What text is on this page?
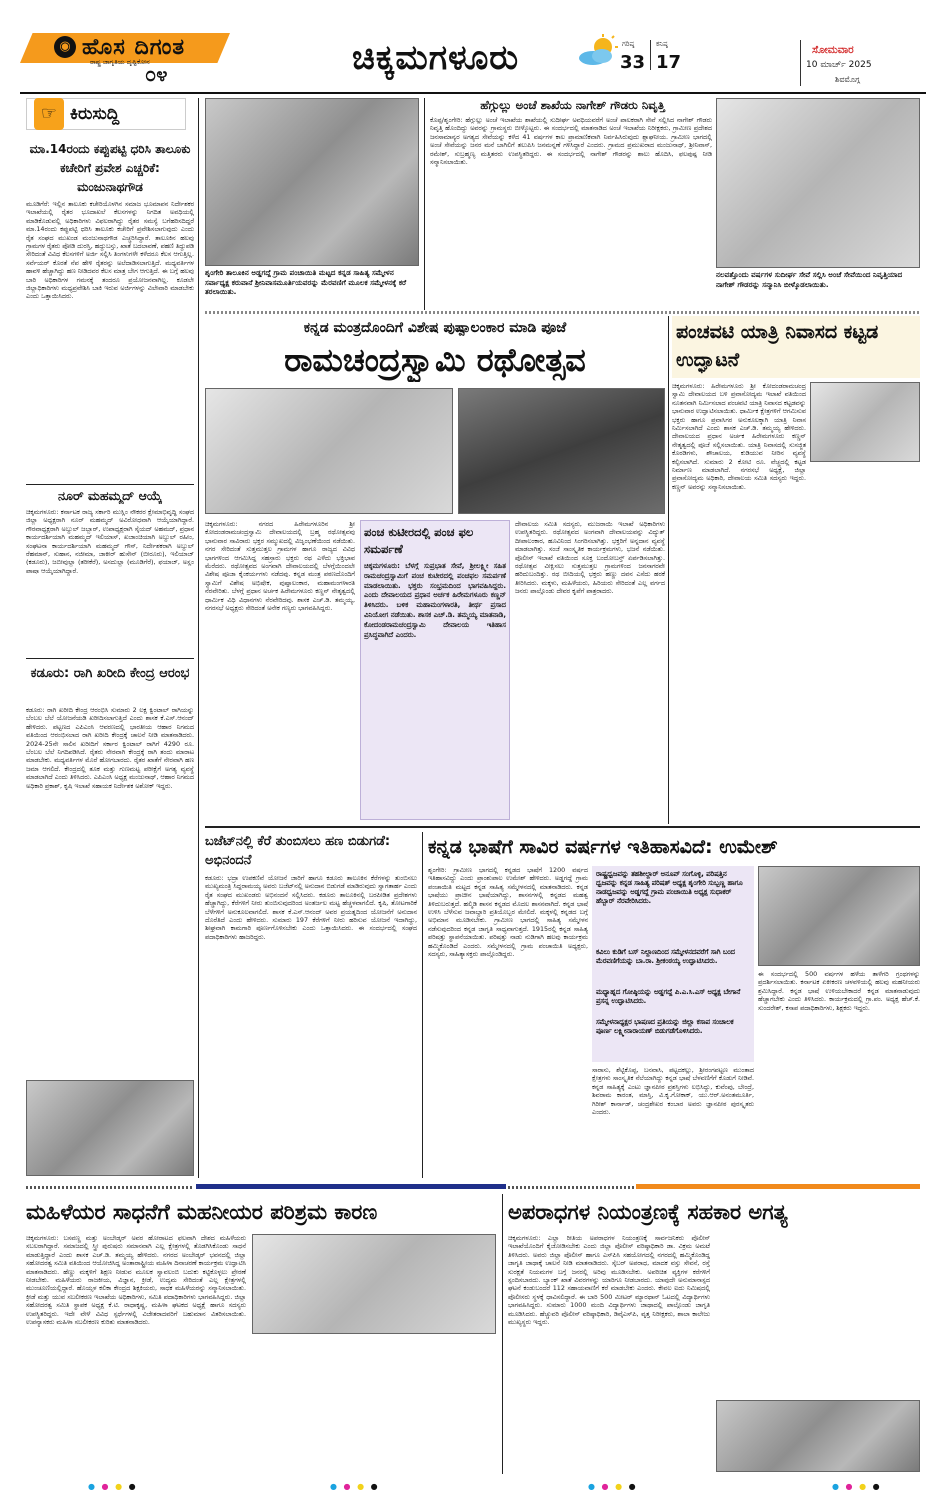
◉ ಹೊಸ ದಿಗಂತ
ರಾಷ್ಟ್ರ ಜಾಗೃತಿಯ ದೃಷ್ಟಿಕೋನ
೦೪	ಚಿಕ್ಕಮಗಳೂರು	ಗರಿಷ್ಠ
33
ಕನಿಷ್ಠ
17
ಸೋಮವಾರ
10 ಮಾರ್ಚ್ 2025
ಶಿವಮೊಗ್ಗ
☞ ಕಿರುಸುದ್ದಿ
ಮಾ.14ರಂದು ಕಪ್ಪುಪಟ್ಟಿ ಧರಿಸಿ ತಾಲೂಕು ಕಚೇರಿಗೆ ಪ್ರವೇಶ ಎಚ್ಚರಿಕೆ: ಮಂಜುನಾಥಗೌಡ
ಮೂಡಿಗೆರೆ: ಇಲ್ಲಿನ ತಾಲೂಕು ಕಚೇರಿಯೊಳಗಿನ ಸಮಾಜ ಭೂಮಾಪನ ನಿರ್ದೇಶಕರ ಇಲಾಖೆಯಲ್ಲಿ ರೈತರ ಭೂದಾಖಲೆ ಕೆಲಸಗಳನ್ನು ನಿಗದಿತ ಅವಧಿಯಲ್ಲಿ ಮಾಡಿಕೊಡುವಲ್ಲಿ ಅಧಿಕಾರಿಗಳು ವಿಫಲರಾಗಿದ್ದು ರೈತರ ಸಮಸ್ಯೆ ಬಗೆಹರಿಸದಿದ್ದರೆ ಮಾ.14ರಂದು ಕಪ್ಪುಪಟ್ಟಿ ಧರಿಸಿ ತಾಲೂಕು ಕಚೇರಿಗೆ ಪ್ರವೇಶಿಸಲಾಗುವುದು ಎಂದು ರೈತ ಸಂಘದ ಮುಖಂಡ ಮಂಜುನಾಥಗೌಡ ಎಚ್ಚರಿಸಿದ್ದಾರೆ. ತಾಲೂಕಿನ ಹಲವು ಗ್ರಾಮಗಳ ರೈತರು ಪೋಡಿ ದುರಸ್ತಿ, ಹದ್ದುಬಸ್ತು, ಖಾತೆ ಬದಲಾವಣೆ, ಪಹಣಿ ತಿದ್ದುಪಡಿ ಸೇರಿದಂತೆ ವಿವಿಧ ಕೆಲಸಗಳಿಗೆ ಅರ್ಜಿ ಸಲ್ಲಿಸಿ ತಿಂಗಳುಗಳೇ ಕಳೆದರೂ ಕೆಲಸ ಆಗುತ್ತಿಲ್ಲ. ಸರ್ವೆಯರ್ ಕೊರತೆ ನೆಪ ಹೇಳಿ ರೈತರನ್ನು ಅಲೆದಾಡಿಸಲಾಗುತ್ತಿದೆ. ಮಧ್ಯವರ್ತಿಗಳ ಹಾವಳಿ ಹೆಚ್ಚಾಗಿದ್ದು ಹಣ ನೀಡಿದವರ ಕೆಲಸ ಮಾತ್ರ ಬೇಗ ಆಗುತ್ತಿದೆ. ಈ ಬಗ್ಗೆ ಹಲವು ಬಾರಿ ಅಧಿಕಾರಿಗಳ ಗಮನಕ್ಕೆ ತಂದರೂ ಪ್ರಯೋಜನವಾಗಿಲ್ಲ. ಕೂಡಲೇ ಜಿಲ್ಲಾಧಿಕಾರಿಗಳು ಮಧ್ಯಪ್ರವೇಶಿಸಿ ಬಾಕಿ ಇರುವ ಅರ್ಜಿಗಳನ್ನು ವಿಲೇವಾರಿ ಮಾಡಬೇಕು ಎಂದು ಒತ್ತಾಯಿಸಿದರು.
ನೂರ್ ಮಹಮ್ಮದ್ ಆಯ್ಕೆ
ಚಿಕ್ಕಮಗಳೂರು: ಕರ್ನಾಟಕ ರಾಜ್ಯ ಸರ್ಕಾರಿ ಮುಸ್ಲಿಂ ನೌಕರರ ಕ್ಷೇಮಾಭಿವೃದ್ಧಿ ಸಂಘದ ಜಿಲ್ಲಾ ಅಧ್ಯಕ್ಷರಾಗಿ ನೂರ್ ಮಹಮ್ಮದ್ ಅವಿರೋಧವಾಗಿ ಆಯ್ಕೆಯಾಗಿದ್ದಾರೆ. ಗೌರವಾಧ್ಯಕ್ಷರಾಗಿ ಅಬ್ದುಲ್ ಜಬ್ಬಾರ್, ಉಪಾಧ್ಯಕ್ಷರಾಗಿ ಸೈಯದ್ ಅಹಮದ್, ಪ್ರಧಾನ ಕಾರ್ಯದರ್ಶಿಯಾಗಿ ಮಹಮ್ಮದ್ ಇಲಿಯಾಸ್, ಖಜಾಂಚಿಯಾಗಿ ಅಬ್ದುಲ್ ರಹೀಂ, ಸಂಘಟನಾ ಕಾರ್ಯದರ್ಶಿಯಾಗಿ ಮಹಮ್ಮದ್ ಗೌಸ್, ನಿರ್ದೇಶಕರಾಗಿ ಅಬ್ದುಲ್ ರೆಹಮಾನ್, ಸುಹಾನ, ನಜೀಮಾ, ಜಾಕೀರ್ ಹುಸೇನ್ (ಬೀರೂರು), ಇಲಿಯಾಜ್ (ಕಡೂರು), ಜಬೀವುಲ್ಲಾ (ತರೀಕೆರೆ), ಅಸದುಲ್ಲಾ (ಮೂಡಿಗೆರೆ), ಫಯಾಜ್, ಅಸ್ಲಂ ಪಾಷಾ ಆಯ್ಕೆಯಾಗಿದ್ದಾರೆ.
ಕಡೂರು: ರಾಗಿ ಖರೀದಿ ಕೇಂದ್ರ ಆರಂಭ
ಕಡೂರು: ರಾಗಿ ಖರೀದಿ ಕೇಂದ್ರ ಆರಂಭಿಸಿ ಸುಮಾರು 2 ಲಕ್ಷ ಕ್ವಿಂಟಾಲ್ ರಾಗಿಯನ್ನು ಬೆಂಬಲ ಬೆಲೆ ಯೋಜನೆಯಡಿ ಖರೀದಿಸಲಾಗುತ್ತಿದೆ ಎಂದು ಶಾಸಕ ಕೆ.ಎಸ್.ಆನಂದ್ ಹೇಳಿದರು. ಪಟ್ಟಣದ ಎಪಿಎಂಸಿ ಆವರಣದಲ್ಲಿ ಭಾರತೀಯ ಆಹಾರ ನಿಗಮದ ವತಿಯಿಂದ ಆರಂಭಿಸಲಾದ ರಾಗಿ ಖರೀದಿ ಕೇಂದ್ರಕ್ಕೆ ಚಾಲನೆ ನೀಡಿ ಮಾತನಾಡಿದರು. 2024-25ನೇ ಸಾಲಿನ ಖರೀದಿಗೆ ಸರ್ಕಾರ ಕ್ವಿಂಟಾಲ್ ರಾಗಿಗೆ 4290 ರೂ. ಬೆಂಬಲ ಬೆಲೆ ನಿಗದಿಪಡಿಸಿದೆ. ರೈತರು ನೇರವಾಗಿ ಕೇಂದ್ರಕ್ಕೆ ರಾಗಿ ತಂದು ಮಾರಾಟ ಮಾಡಬೇಕು. ಮಧ್ಯವರ್ತಿಗಳ ಮೊರೆ ಹೋಗಬಾರದು. ರೈತರ ಖಾತೆಗೆ ನೇರವಾಗಿ ಹಣ ಜಮಾ ಆಗಲಿದೆ. ಕೇಂದ್ರದಲ್ಲಿ ತೂಕ ಮತ್ತು ಗುಣಮಟ್ಟ ಪರೀಕ್ಷೆಗೆ ಅಗತ್ಯ ವ್ಯವಸ್ಥೆ ಮಾಡಲಾಗಿದೆ ಎಂದು ತಿಳಿಸಿದರು. ಎಪಿಎಂಸಿ ಅಧ್ಯಕ್ಷ ಮಂಜುನಾಥ್, ಆಹಾರ ನಿಗಮದ ಅಧಿಕಾರಿ ಪ್ರಕಾಶ್, ಕೃಷಿ ಇಲಾಖೆ ಸಹಾಯಕ ನಿರ್ದೇಶಕ ಅಶೋಕ್ ಇದ್ದರು.
ಶೃಂಗೇರಿ ತಾಲೂಕಿನ ಅಡ್ಡಗದ್ದೆ ಗ್ರಾಮ ಪಂಚಾಯಿತಿ ಮಟ್ಟದ ಕನ್ನಡ ಸಾಹಿತ್ಯ ಸಮ್ಮೇಳನ ಸರ್ವಾಧ್ಯಕ್ಷ ಕರುವಾನೆ ಶ್ರೀನಿವಾಸಮೂರ್ತಿಯವರನ್ನು ಮೆರವಣಿಗೆ ಮೂಲಕ ಸಮ್ಮೇಳನಕ್ಕೆ ಕರೆ ತರಲಾಯಿತು.
ಹೆಗ್ಗುಲ್ಲು ಅಂಚೆ ಶಾಖೆಯ ನಾಗೇಶ್ ಗೌಡರು ನಿವೃತ್ತಿ
ಕೊಪ್ಪ/ಶೃಂಗೇರಿ: ಹೆಗ್ಗುಲ್ಲು ಅಂಚೆ ಇಲಾಖೆಯ ಶಾಖೆಯಲ್ಲಿ ಸುದೀರ್ಘ ಅವಧಿಯವರೆಗೆ ಅಂಚೆ ಪಾಲಕರಾಗಿ ಸೇವೆ ಸಲ್ಲಿಸಿದ ನಾಗೇಶ್ ಗೌಡರು ನಿವೃತ್ತಿ ಹೊಂದಿದ್ದು ಅವರನ್ನು ಗ್ರಾಮಸ್ಥರು ಬೀಳ್ಕೊಟ್ಟರು. ಈ ಸಂದರ್ಭದಲ್ಲಿ ಮಾತನಾಡಿದ ಅಂಚೆ ಇಲಾಖೆಯ ನಿರೀಕ್ಷಕರು, ಗ್ರಾಮೀಣ ಪ್ರದೇಶದ ಜನಸಾಮಾನ್ಯರ ಅಗತ್ಯದ ಸೇವೆಯನ್ನು ಕಳೆದ 41 ವರ್ಷಗಳ ಕಾಲ ಪ್ರಾಮಾಣಿಕವಾಗಿ ನಿರ್ವಹಿಸಿರುವುದು ಶ್ಲಾಘನೀಯ. ಗ್ರಾಮೀಣ ಭಾಗದಲ್ಲಿ ಅಂಚೆ ಸೇವೆಯನ್ನು ಜನರ ಮನೆ ಬಾಗಿಲಿಗೆ ತಲುಪಿಸಿ ಜನಮನ್ನಣೆ ಗಳಿಸಿದ್ದಾರೆ ಎಂದರು. ಗ್ರಾಮದ ಪ್ರಮುಖರಾದ ಮಂಜುನಾಥ್, ಶ್ರೀನಿವಾಸ್, ರಮೇಶ್, ಸುಬ್ರಹ್ಮಣ್ಯ ಮತ್ತಿತರರು ಉಪಸ್ಥಿತರಿದ್ದರು. ಈ ಸಂದರ್ಭದಲ್ಲಿ ನಾಗೇಶ್ ಗೌಡರನ್ನು ಶಾಲು ಹೊದಿಸಿ, ಫಲಪುಷ್ಪ ನೀಡಿ ಸನ್ಮಾನಿಸಲಾಯಿತು.
ನಲವತ್ತೊಂದು ವರ್ಷಗಳ ಸುದೀರ್ಘ ಸೇವೆ ಸಲ್ಲಿಸಿ ಅಂಚೆ ಸೇವೆಯಿಂದ ನಿವೃತ್ತಿಯಾದ ನಾಗೇಶ್ ಗೌಡರನ್ನು ಸನ್ಮಾನಿಸಿ ಬೀಳ್ಕೊಡಲಾಯಿತು.
ಕನ್ನಡ ಮಂತ್ರದೊಂದಿಗೆ ವಿಶೇಷ ಪುಷ್ಪಾಲಂಕಾರ ಮಾಡಿ ಪೂಜೆ
ರಾಮಚಂದ್ರಸ್ವಾಮಿ ರಥೋತ್ಸವ
ಚಿಕ್ಕಮಗಳೂರು: ನಗರದ ಹಿರೇಮಗಳೂರಿನ ಶ್ರೀ ಕೋದಂಡರಾಮಚಂದ್ರಸ್ವಾಮಿ ದೇವಾಲಯದಲ್ಲಿ ಬ್ರಹ್ಮ ರಥೋತ್ಸವವು ಭಾನುವಾರ ಸಾವಿರಾರು ಭಕ್ತರ ಸಮ್ಮುಖದಲ್ಲಿ ವಿಜೃಂಭಣೆಯಿಂದ ನಡೆಯಿತು. ನಗರ ಸೇರಿದಂತೆ ಸುತ್ತಮುತ್ತಲ ಗ್ರಾಮಗಳ ಹಾಗೂ ರಾಜ್ಯದ ವಿವಿಧ ಭಾಗಗಳಿಂದ ಆಗಮಿಸಿದ್ದ ಸಹಸ್ರಾರು ಭಕ್ತರು ರಥ ಎಳೆದು ಭಕ್ತಿಭಾವ ಮೆರೆದರು. ರಥೋತ್ಸವದ ಅಂಗವಾಗಿ ದೇವಾಲಯದಲ್ಲಿ ಬೆಳಗ್ಗೆಯಿಂದಲೇ ವಿಶೇಷ ಪೂಜಾ ಕೈಂಕರ್ಯಗಳು ನಡೆದವು. ಕನ್ನಡ ಮಂತ್ರ ಪಠಣದೊಂದಿಗೆ ಸ್ವಾಮಿಗೆ ವಿಶೇಷ ಅಭಿಷೇಕ, ಪುಷ್ಪಾಲಂಕಾರ, ಮಹಾಮಂಗಳಾರತಿ ನೆರವೇರಿತು. ಬೆಳಗ್ಗೆ ಪ್ರಧಾನ ಅರ್ಚಕ ಹಿರೇಮಗಳೂರು ಕಣ್ಣನ್ ನೇತೃತ್ವದಲ್ಲಿ ಧಾರ್ಮಿಕ ವಿಧಿ ವಿಧಾನಗಳು ನೆರವೇರಿದವು. ಶಾಸಕ ಎಚ್.ಡಿ. ತಮ್ಮಯ್ಯ, ನಗರಸಭೆ ಅಧ್ಯಕ್ಷರು ಸೇರಿದಂತೆ ಅನೇಕ ಗಣ್ಯರು ಭಾಗವಹಿಸಿದ್ದರು.
ಪಂಚ ಕುಟೀರದಲ್ಲಿ ಪಂಚ ಫಲ ಸಮರ್ಪಣೆ
ಚಿಕ್ಕಮಗಳೂರು: ಬೆಳಗ್ಗೆ ಸುಪ್ರಭಾತ ಸೇವೆ, ಶ್ರೀಲಕ್ಷ್ಮೀ ಸಹಿತ ರಾಮಚಂದ್ರಸ್ವಾಮಿಗೆ ಪಂಚ ಕುಟೀರದಲ್ಲಿ ಪಂಚಫಲ ಸಮರ್ಪಣೆ ಮಾಡಲಾಯಿತು. ಭಕ್ತರು ಸಂಭ್ರಮದಿಂದ ಭಾಗವಹಿಸಿದ್ದರು. ಎಂದು ದೇವಾಲಯದ ಪ್ರಧಾನ ಅರ್ಚಕ ಹಿರೇಮಗಳೂರು ಕಣ್ಣನ್ ತಿಳಿಸಿದರು. ಬಳಿಕ ಮಹಾಮಂಗಳಾರತಿ, ತೀರ್ಥ ಪ್ರಸಾದ ವಿನಿಯೋಗ ನಡೆಯಿತು. ಶಾಸಕ ಎಚ್.ಡಿ. ತಮ್ಮಯ್ಯ ಮಾತನಾಡಿ, ಕೋದಂಡರಾಮಚಂದ್ರಸ್ವಾಮಿ ದೇವಾಲಯ ಇತಿಹಾಸ ಪ್ರಸಿದ್ಧವಾಗಿದೆ ಎಂದರು.
ದೇವಾಲಯ ಸಮಿತಿ ಸದಸ್ಯರು, ಮುಜರಾಯಿ ಇಲಾಖೆ ಅಧಿಕಾರಿಗಳು ಉಪಸ್ಥಿತರಿದ್ದರು. ರಥೋತ್ಸವದ ಅಂಗವಾಗಿ ದೇವಾಲಯವನ್ನು ವಿದ್ಯುತ್ ದೀಪಾಲಂಕಾರ, ಹೂವಿನಿಂದ ಸಿಂಗರಿಸಲಾಗಿತ್ತು. ಭಕ್ತರಿಗೆ ಅನ್ನದಾನ ವ್ಯವಸ್ಥೆ ಮಾಡಲಾಗಿತ್ತು. ಸಂಜೆ ಸಾಂಸ್ಕೃತಿಕ ಕಾರ್ಯಕ್ರಮಗಳು, ಭಜನೆ ನಡೆಯಿತು. ಪೊಲೀಸ್ ಇಲಾಖೆ ವತಿಯಿಂದ ಸೂಕ್ತ ಬಂದೋಬಸ್ತ್ ಏರ್ಪಡಿಸಲಾಗಿತ್ತು. ರಥೋತ್ಸವ ವೀಕ್ಷಿಸಲು ಸುತ್ತಮುತ್ತಲ ಗ್ರಾಮಗಳಿಂದ ಜನಸಾಗರವೇ ಹರಿದುಬಂದಿತ್ತು. ರಥ ಬೀದಿಯಲ್ಲಿ ಭಕ್ತರು ಹಣ್ಣು ದವನ ಎಸೆದು ಹರಕೆ ತೀರಿಸಿದರು. ಮಕ್ಕಳು, ಮಹಿಳೆಯರು, ಹಿರಿಯರು ಸೇರಿದಂತೆ ಎಲ್ಲ ವರ್ಗದ ಜನರು ಪಾಲ್ಗೊಂಡು ದೇವರ ಕೃಪೆಗೆ ಪಾತ್ರರಾದರು.
ಪಂಚವಟಿ ಯಾತ್ರಿ ನಿವಾಸದ ಕಟ್ಟಡ ಉದ್ಘಾಟನೆ
ಚಿಕ್ಕಮಗಳೂರು: ಹಿರೇಮಗಳೂರು ಶ್ರೀ ಕೋದಂಡರಾಮಚಂದ್ರ ಸ್ವಾಮಿ ದೇವಾಲಯದ ಬಳಿ ಪ್ರವಾಸೋದ್ಯಮ ಇಲಾಖೆ ವತಿಯಿಂದ ನೂತನವಾಗಿ ನಿರ್ಮಿಸಲಾದ ಪಂಚವಟಿ ಯಾತ್ರಿ ನಿವಾಸದ ಕಟ್ಟಡವನ್ನು ಭಾನುವಾರ ಉದ್ಘಾಟಿಸಲಾಯಿತು. ಧಾರ್ಮಿಕ ಕ್ಷೇತ್ರಗಳಿಗೆ ಆಗಮಿಸುವ ಭಕ್ತರು ಹಾಗೂ ಪ್ರವಾಸಿಗರ ಅನುಕೂಲಕ್ಕಾಗಿ ಯಾತ್ರಿ ನಿವಾಸ ನಿರ್ಮಿಸಲಾಗಿದೆ ಎಂದು ಶಾಸಕ ಎಚ್.ಡಿ. ತಮ್ಮಯ್ಯ ಹೇಳಿದರು. ದೇವಾಲಯದ ಪ್ರಧಾನ ಅರ್ಚಕ ಹಿರೇಮಗಳೂರು ಕಣ್ಣನ್ ನೇತೃತ್ವದಲ್ಲಿ ಪೂಜೆ ಸಲ್ಲಿಸಲಾಯಿತು. ಯಾತ್ರಿ ನಿವಾಸದಲ್ಲಿ ಸುಸಜ್ಜಿತ ಕೊಠಡಿಗಳು, ಶೌಚಾಲಯ, ಕುಡಿಯುವ ನೀರಿನ ವ್ಯವಸ್ಥೆ ಕಲ್ಪಿಸಲಾಗಿದೆ. ಸುಮಾರು 2 ಕೋಟಿ ರೂ. ವೆಚ್ಚದಲ್ಲಿ ಕಟ್ಟಡ ನಿರ್ಮಾಣ ಮಾಡಲಾಗಿದೆ. ನಗರಸಭೆ ಅಧ್ಯಕ್ಷೆ, ಜಿಲ್ಲಾ ಪ್ರವಾಸೋದ್ಯಮ ಅಧಿಕಾರಿ, ದೇವಾಲಯ ಸಮಿತಿ ಸದಸ್ಯರು ಇದ್ದರು. ಕಣ್ಣನ್ ಅವರನ್ನು ಸನ್ಮಾನಿಸಲಾಯಿತು.
ಬಜೆಟ್‌ನಲ್ಲಿ ಕೆರೆ ತುಂಬಿಸಲು ಹಣ ಬಿಡುಗಡೆ: ಅಭಿನಂದನೆ
ಕಡೂರು: ಭದ್ರಾ ಉಪಕಣಿವೆ ಯೋಜನೆ ಜಾರಿಗೆ ಹಾಗೂ ಕಡೂರು ತಾಲೂಕಿನ ಕೆರೆಗಳನ್ನು ತುಂಬಿಸಲು ಮುಖ್ಯಮಂತ್ರಿ ಸಿದ್ದರಾಮಯ್ಯ ಅವರು ಬಜೆಟ್‌ನಲ್ಲಿ ಅನುದಾನ ಬಿಡುಗಡೆ ಮಾಡಿರುವುದು ಸ್ವಾಗತಾರ್ಹ ಎಂದು ರೈತ ಸಂಘದ ಮುಖಂಡರು ಅಭಿನಂದನೆ ಸಲ್ಲಿಸಿದರು. ಕಡೂರು ತಾಲೂಕಿನಲ್ಲಿ ಬರಪೀಡಿತ ಪ್ರದೇಶಗಳು ಹೆಚ್ಚಾಗಿದ್ದು, ಕೆರೆಗಳಿಗೆ ನೀರು ತುಂಬಿಸುವುದರಿಂದ ಅಂತರ್ಜಲ ಮಟ್ಟ ಹೆಚ್ಚಳವಾಗಲಿದೆ. ಕೃಷಿ, ತೋಟಗಾರಿಕೆ ಬೆಳೆಗಳಿಗೆ ಅನುಕೂಲವಾಗಲಿದೆ. ಶಾಸಕ ಕೆ.ಎಸ್.ಆನಂದ್ ಅವರ ಪ್ರಯತ್ನದಿಂದ ಯೋಜನೆಗೆ ಅನುದಾನ ದೊರೆತಿದೆ ಎಂದು ಹೇಳಿದರು. ಸುಮಾರು 197 ಕೆರೆಗಳಿಗೆ ನೀರು ಹರಿಸುವ ಯೋಜನೆ ಇದಾಗಿದ್ದು, ಶೀಘ್ರವಾಗಿ ಕಾಮಗಾರಿ ಪೂರ್ಣಗೊಳಿಸಬೇಕು ಎಂದು ಒತ್ತಾಯಿಸಿದರು. ಈ ಸಂದರ್ಭದಲ್ಲಿ ಸಂಘದ ಪದಾಧಿಕಾರಿಗಳು ಹಾಜರಿದ್ದರು.
ಕನ್ನಡ ಭಾಷೆಗೆ ಸಾವಿರ ವರ್ಷಗಳ ಇತಿಹಾಸವಿದೆ: ಉಮೇಶ್
ಶೃಂಗೇರಿ: ಗ್ರಾಮೀಣ ಭಾಗದಲ್ಲಿ ಕನ್ನಡದ ಭಾಷೆಗೆ 1200 ವರ್ಷದ ಇತಿಹಾಸವಿದ್ದು ಎಂದು ಪ್ರಾಂಶುಪಾಲ ಉಮೇಶ್ ಹೇಳಿದರು. ಅಡ್ಡಗದ್ದೆ ಗ್ರಾಮ ಪಂಚಾಯಿತಿ ಮಟ್ಟದ ಕನ್ನಡ ಸಾಹಿತ್ಯ ಸಮ್ಮೇಳನದಲ್ಲಿ ಮಾತನಾಡಿದರು. ಕನ್ನಡ ಭಾಷೆಯು ಪ್ರಾಚೀನ ಭಾಷೆಯಾಗಿದ್ದು, ಶಾಸನಗಳಲ್ಲಿ ಕನ್ನಡದ ಮಹತ್ವ ತಿಳಿದುಬರುತ್ತದೆ. ಹಲ್ಮಿಡಿ ಶಾಸನ ಕನ್ನಡದ ಮೊದಲ ಶಾಸನವಾಗಿದೆ. ಕನ್ನಡ ಭಾಷೆ ಉಳಿಸಿ ಬೆಳೆಸುವ ಜವಾಬ್ದಾರಿ ಪ್ರತಿಯೊಬ್ಬರ ಮೇಲಿದೆ. ಮಕ್ಕಳಲ್ಲಿ ಕನ್ನಡದ ಬಗ್ಗೆ ಅಭಿಮಾನ ಮೂಡಿಸಬೇಕು. ಗ್ರಾಮೀಣ ಭಾಗದಲ್ಲಿ ಸಾಹಿತ್ಯ ಸಮ್ಮೇಳನ ನಡೆಸುವುದರಿಂದ ಕನ್ನಡ ಜಾಗೃತಿ ಸಾಧ್ಯವಾಗುತ್ತದೆ. 1915ರಲ್ಲಿ ಕನ್ನಡ ಸಾಹಿತ್ಯ ಪರಿಷತ್ತು ಸ್ಥಾಪನೆಯಾಯಿತು. ಪರಿಷತ್ತು ನಾಡು ನುಡಿಗಾಗಿ ಹಲವು ಕಾರ್ಯಕ್ರಮ ಹಮ್ಮಿಕೊಂಡಿದೆ ಎಂದರು. ಸಮ್ಮೇಳನದಲ್ಲಿ ಗ್ರಾಮ ಪಂಚಾಯಿತಿ ಅಧ್ಯಕ್ಷರು, ಸದಸ್ಯರು, ಸಾಹಿತ್ಯಾಸಕ್ತರು ಪಾಲ್ಗೊಂಡಿದ್ದರು.
ರಾಷ್ಟ್ರಧ್ವಜವನ್ನು ತಹಶೀಲ್ದಾರ್ ಅನೂಪ್ ಸಂಗೊಳ್ಳಿ, ಪರಿಷತ್ತಿನ ಧ್ವಜವನ್ನು ಕನ್ನಡ ಸಾಹಿತ್ಯ ಪರಿಷತ್ ಅಧ್ಯಕ್ಷ ಶೃಂಗೇರಿ ಸುಬ್ಬಣ್ಣ ಹಾಗೂ ನಾಡಧ್ವಜವನ್ನು ಅಡ್ಡಗದ್ದೆ ಗ್ರಾಮ ಪಂಚಾಯಿತಿ ಅಧ್ಯಕ್ಷ ಸುಧಾಕರ್ ಹೆಬ್ಬಾರ್ ನೆರವೇರಿಸಿದರು.
ಕವಿಲು ಕುಡಿಗೆ ಬಸ್ ನಿಲ್ದಾಣದಿಂದ ಸಮ್ಮೇಳನದವರೆಗೆ ಸಾಗಿ ಬಂದ ಮೆರವಣಿಗೆಯನ್ನು ಬಾ.ರಾ. ಶ್ರೀಕಂಠಯ್ಯ ಉದ್ಘಾಟಿಸಿದರು.
ಮಧ್ಯಾಹ್ನದ ಗೋಷ್ಠಿಯನ್ನು ಅಡ್ಡಗದ್ದೆ ಪಿ.ಎ.ಸಿ.ಎಸ್ ಅಧ್ಯಕ್ಷ ಬೇಗಾನೆ ಪ್ರಸನ್ನ ಉದ್ಘಾಟಿಸಿದರು.
ಸಮ್ಮೇಳನಾಧ್ಯಕ್ಷರ ಭಾಷಣದ ಪ್ರತಿಯನ್ನು ಜಿಲ್ಲಾ ಕಸಾಪ ಸಂಚಾಲಕ ಪೂರ್ಣ ಲಕ್ಷ್ಮೀನಾರಾಯಣ್ ಬಿಡುಗಡೆಗೊಳಿಸಿದರು.
ಸಾರಾಸು, ಶೆಟ್ಟಿಕೊಪ್ಪ, ಬನವಾಸಿ, ಪಟ್ಟದಕಲ್ಲು, ಶ್ರೀರಂಗಪಟ್ಟಣ ಮುಂತಾದ ಕ್ಷೇತ್ರಗಳು ಸಾಂಸ್ಕೃತಿಕ ನೆಲೆಯಾಗಿದ್ದು ಕನ್ನಡ ಭಾಷೆ ಬೆಳವಣಿಗೆಗೆ ಕೊಡುಗೆ ನೀಡಿವೆ. ಕನ್ನಡ ಸಾಹಿತ್ಯಕ್ಕೆ ಎಂಟು ಜ್ಞಾನಪೀಠ ಪ್ರಶಸ್ತಿಗಳು ಲಭಿಸಿದ್ದು, ಕುವೆಂಪು, ಬೇಂದ್ರೆ, ಶಿವರಾಮ ಕಾರಂತ, ಮಾಸ್ತಿ, ವಿ.ಕೃ.ಗೋಕಾಕ್, ಯು.ಆರ್.ಅನಂತಮೂರ್ತಿ, ಗಿರೀಶ್ ಕಾರ್ನಾಡ್, ಚಂದ್ರಶೇಖರ ಕಂಬಾರ ಅವರು ಜ್ಞಾನಪೀಠ ಪುರಸ್ಕೃತರು ಎಂದರು.
ಈ ಸಂದರ್ಭದಲ್ಲಿ 500 ವರ್ಷಗಳ ಹಳೆಯ ತಾಳೆಗರಿ ಗ್ರಂಥಗಳನ್ನು ಪ್ರದರ್ಶಿಸಲಾಯಿತು. ಕರ್ನಾಟಕ ಏಕೀಕರಣ ಚಳವಳಿಯಲ್ಲಿ ಹಲವು ಮಹನೀಯರು ಶ್ರಮಿಸಿದ್ದಾರೆ. ಕನ್ನಡ ಭಾಷೆ ಉಳಿಯಬೇಕಾದರೆ ಕನ್ನಡ ಮಾತನಾಡುವುದು ಹೆಚ್ಚಾಗಬೇಕು ಎಂದು ತಿಳಿಸಿದರು. ಕಾರ್ಯಕ್ರಮದಲ್ಲಿ ಗ್ರಾ.ಪಂ. ಅಧ್ಯಕ್ಷ ಹೆಚ್.ಕೆ. ಸುಂದರೇಶ್, ಕಸಾಪ ಪದಾಧಿಕಾರಿಗಳು, ಶಿಕ್ಷಕರು ಇದ್ದರು.
ಮಹಿಳೆಯರ ಸಾಧನೆಗೆ ಮಹನೀಯರ ಪರಿಶ್ರಮ ಕಾರಣ
ಚಿಕ್ಕಮಗಳೂರು: ಬಸವಣ್ಣ ಮತ್ತು ಅಂಬೇಡ್ಕರ್ ಅವರ ಹೋರಾಟದ ಫಲವಾಗಿ ದೇಶದ ಮಹಿಳೆಯರು ಸಬಲರಾಗಿದ್ದಾರೆ. ಸಮಾಜದಲ್ಲಿ ಸ್ತ್ರೀ ಪುರುಷರು ಸಮಾನವಾಗಿ ಎಲ್ಲ ಕ್ಷೇತ್ರಗಳಲ್ಲಿ ತೊಡಗಿಸಿಕೊಂಡು ಸಾಧನೆ ಮಾಡುತ್ತಿದ್ದಾರೆ ಎಂದು ಶಾಸಕ ಎಚ್.ಡಿ. ತಮ್ಮಯ್ಯ ಹೇಳಿದರು. ನಗರದ ಅಂಬೇಡ್ಕರ್ ಭವನದಲ್ಲಿ ಜಿಲ್ಲಾ ಸಹೋದರತ್ವ ಸಮಿತಿ ವತಿಯಿಂದ ಆಯೋಜಿಸಿದ್ದ ಅಂತಾರಾಷ್ಟ್ರೀಯ ಮಹಿಳಾ ದಿನಾಚರಣೆ ಕಾರ್ಯಕ್ರಮ ಉದ್ಘಾಟಿಸಿ ಮಾತನಾಡಿದರು. ಹೆಣ್ಣು ಮಕ್ಕಳಿಗೆ ಶಿಕ್ಷಣ ನೀಡುವ ಮೂಲಕ ಸ್ವಾವಲಂಬಿ ಬದುಕು ಕಟ್ಟಿಕೊಳ್ಳಲು ಪ್ರೇರಣೆ ನೀಡಬೇಕು. ಮಹಿಳೆಯರು ರಾಜಕೀಯ, ವಿಜ್ಞಾನ, ಕ್ರೀಡೆ, ಉದ್ಯಮ ಸೇರಿದಂತೆ ಎಲ್ಲ ಕ್ಷೇತ್ರಗಳಲ್ಲಿ ಮುಂಚೂಣಿಯಲ್ಲಿದ್ದಾರೆ. ಹೊಯ್ಸಳ ಕಲಿಕಾ ಕೇಂದ್ರದ ಶಿಕ್ಷಕಿಯರು, ಸಾಧಕ ಮಹಿಳೆಯರನ್ನು ಸನ್ಮಾನಿಸಲಾಯಿತು. ಕ್ರೀಡೆ ಮತ್ತು ಯುವ ಸಬಲೀಕರಣ ಇಲಾಖೆಯ ಅಧಿಕಾರಿಗಳು, ಸಮಿತಿ ಪದಾಧಿಕಾರಿಗಳು ಭಾಗವಹಿಸಿದ್ದರು. ಜಿಲ್ಲಾ ಸಹೋದರತ್ವ ಸಮಿತಿ ಸ್ಥಾಪಕ ಅಧ್ಯಕ್ಷ ಕೆ.ಟಿ. ರಾಧಾಕೃಷ್ಣ, ಮಹಿಳಾ ಘಟಕದ ಅಧ್ಯಕ್ಷೆ ಹಾಗೂ ಸದಸ್ಯರು ಉಪಸ್ಥಿತರಿದ್ದರು. ಇದೇ ವೇಳೆ ವಿವಿಧ ಸ್ಪರ್ಧೆಗಳಲ್ಲಿ ವಿಜೇತರಾದವರಿಗೆ ಬಹುಮಾನ ವಿತರಿಸಲಾಯಿತು. ಉಪನ್ಯಾಸಕರು ಮಹಿಳಾ ಸಬಲೀಕರಣ ಕುರಿತು ಮಾತನಾಡಿದರು.
ಅಪರಾಧಗಳ ನಿಯಂತ್ರಣಕ್ಕೆ ಸಹಕಾರ ಅಗತ್ಯ
ಚಿಕ್ಕಮಗಳೂರು: ಎಲ್ಲಾ ರೀತಿಯ ಅಪರಾಧಗಳ ನಿಯಂತ್ರಣಕ್ಕೆ ಸಾರ್ವಜನಿಕರು ಪೊಲೀಸ್ ಇಲಾಖೆಯೊಂದಿಗೆ ಕೈಜೋಡಿಸಬೇಕು ಎಂದು ಜಿಲ್ಲಾ ಪೊಲೀಸ್ ವರಿಷ್ಠಾಧಿಕಾರಿ ಡಾ. ವಿಕ್ರಮ ಅಮಟೆ ತಿಳಿಸಿದರು. ಅವರು ಜಿಲ್ಲಾ ಪೊಲೀಸ್ ಹಾಗೂ ಎಸ್‌ಪಿಸಿ ಸಹಯೋಗದಲ್ಲಿ ನಗರದಲ್ಲಿ ಹಮ್ಮಿಕೊಂಡಿದ್ದ ಜಾಗೃತಿ ಜಾಥಾಕ್ಕೆ ಚಾಲನೆ ನೀಡಿ ಮಾತನಾಡಿದರು. ಸೈಬರ್ ಅಪರಾಧ, ಮಾದಕ ವಸ್ತು ಸೇವನೆ, ರಸ್ತೆ ಸುರಕ್ಷತೆ ನಿಯಮಗಳ ಬಗ್ಗೆ ಜನರಲ್ಲಿ ಅರಿವು ಮೂಡಿಸಬೇಕು. ಅಪರಿಚಿತ ವ್ಯಕ್ತಿಗಳ ಕರೆಗಳಿಗೆ ಸ್ಪಂದಿಸಬಾರದು. ಬ್ಯಾಂಕ್ ಖಾತೆ ವಿವರಗಳನ್ನು ಯಾರಿಗೂ ನೀಡಬಾರದು. ಯಾವುದೇ ಅನುಮಾನಾಸ್ಪದ ಘಟನೆ ಕಂಡುಬಂದರೆ 112 ಸಹಾಯವಾಣಿಗೆ ಕರೆ ಮಾಡಬೇಕು ಎಂದರು. ಕೇವಲ ಐದು ನಿಮಿಷದಲ್ಲಿ ಪೊಲೀಸರು ಸ್ಥಳಕ್ಕೆ ಧಾವಿಸಲಿದ್ದಾರೆ. ಈ ಬಾರಿ 500 ಮೀಟರ್ ಮ್ಯಾರಥಾನ್ ಓಟದಲ್ಲಿ ವಿದ್ಯಾರ್ಥಿಗಳು ಭಾಗವಹಿಸಿದ್ದರು. ಸುಮಾರು 1000 ಮಂದಿ ವಿದ್ಯಾರ್ಥಿಗಳು ಜಾಥಾದಲ್ಲಿ ಪಾಲ್ಗೊಂಡು ಜಾಗೃತಿ ಮೂಡಿಸಿದರು. ಹೆಚ್ಚುವರಿ ಪೊಲೀಸ್ ವರಿಷ್ಠಾಧಿಕಾರಿ, ಡಿವೈಎಸ್‌ಪಿ, ವೃತ್ತ ನಿರೀಕ್ಷಕರು, ಶಾಲಾ ಕಾಲೇಜು ಮುಖ್ಯಸ್ಥರು ಇದ್ದರು.
● ● ● ●	● ● ● ●	● ● ● ●	● ● ● ●
